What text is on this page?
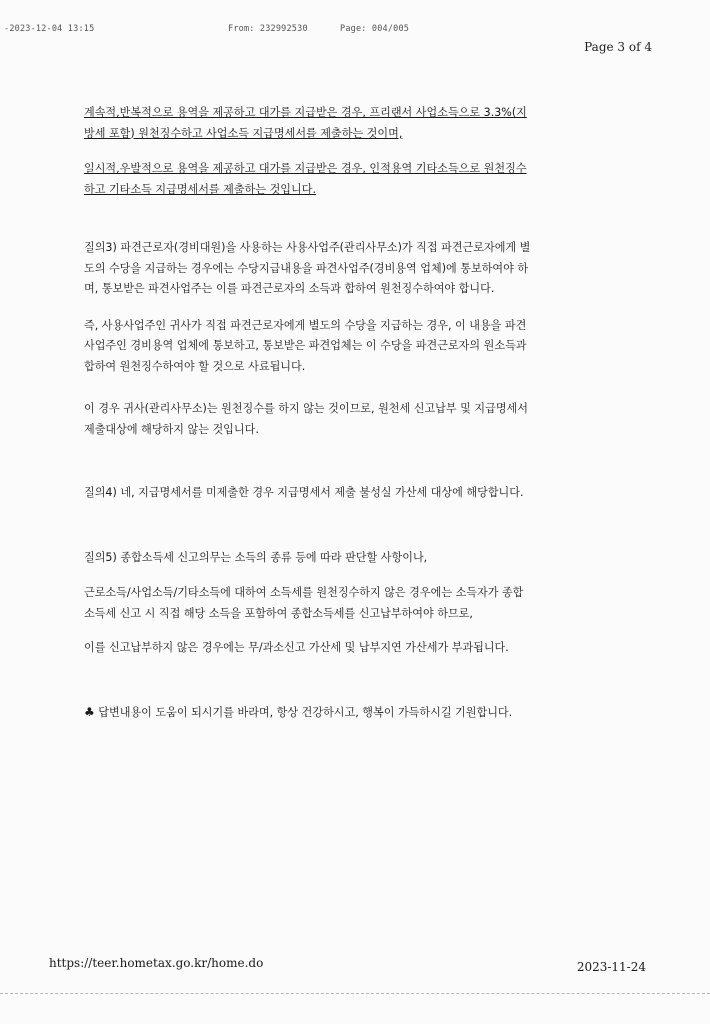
-2023-12-04 13:15	From: 232992530	Page: 004/005
Page 3 of 4

계속적,반복적으로 용역을 제공하고 대가를 지급받은 경우, 프리랜서 사업소득으로 3.3%(지방세 포함) 원천징수하고 사업소득 지급명세서를 제출하는 것이며,

일시적,우발적으로 용역을 제공하고 대가를 지급받은 경우, 인적용역 기타소득으로 원천징수하고 기타소득 지급명세서를 제출하는 것입니다.

질의3) 파견근로자(경비대원)을 사용하는 사용사업주(관리사무소)가 직접 파견근로자에게 별도의 수당을 지급하는 경우에는 수당지급내용을 파견사업주(경비용역 업체)에 통보하여야 하며, 통보받은 파견사업주는 이를 파견근로자의 소득과 합하여 원천징수하여야 합니다.

즉, 사용사업주인 귀사가 직접 파견근로자에게 별도의 수당을 지급하는 경우, 이 내용을 파견사업주인 경비용역 업체에 통보하고, 통보받은 파견업체는 이 수당을 파견근로자의 원소득과 합하여 원천징수하여야 할 것으로 사료됩니다.

이 경우 귀사(관리사무소)는 원천징수를 하지 않는 것이므로, 원천세 신고납부 및 지급명세서 제출대상에 해당하지 않는 것입니다.

질의4) 네, 지급명세서를 미제출한 경우 지급명세서 제출 불성실 가산세 대상에 해당합니다.

질의5) 종합소득세 신고의무는 소득의 종류 등에 따라 판단할 사항이나,

근로소득/사업소득/기타소득에 대하여 소득세를 원천징수하지 않은 경우에는 소득자가 종합소득세 신고 시 직접 해당 소득을 포함하여 종합소득세를 신고납부하여야 하므로,

이를 신고납부하지 않은 경우에는 무/과소신고 가산세 및 납부지연 가산세가 부과됩니다.

♣ 답변내용이 도움이 되시기를 바라며, 항상 건강하시고, 행복이 가득하시길 기원합니다.

https://teer.hometax.go.kr/home.do	2023-11-24
